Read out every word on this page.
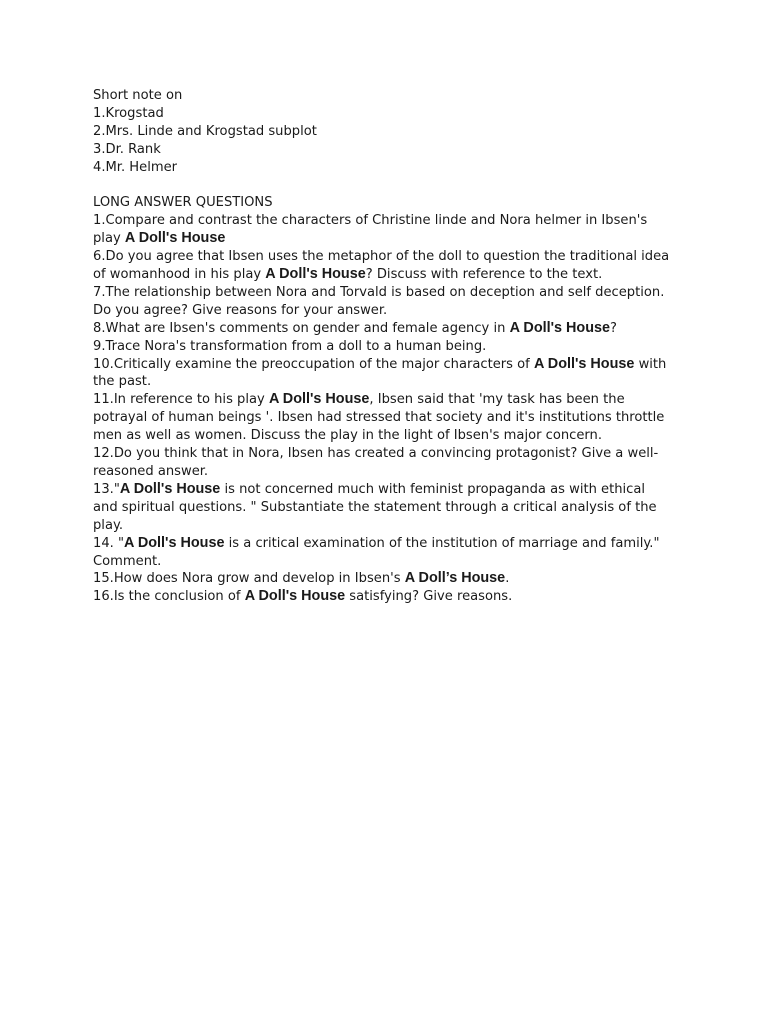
Short note on
1.Krogstad
2.Mrs. Linde and Krogstad subplot
3.Dr. Rank
4.Mr. Helmer
LONG ANSWER QUESTIONS
1.Compare and contrast the characters of Christine linde and Nora helmer in Ibsen's play A Doll's House
6.Do you agree that Ibsen uses the metaphor of the doll to question the traditional idea of womanhood in his play A Doll's House? Discuss with reference to the text.
7.The relationship between Nora and Torvald is based on deception and self deception. Do you agree? Give reasons for your answer.
8.What are Ibsen's comments on gender and female agency in A Doll's House?
9.Trace Nora's transformation from a doll to a human being.
10.Critically examine the preoccupation of the major characters of A Doll's House with the past.
11.In reference to his play A Doll's House, Ibsen said that 'my task has been the potrayal of human beings '. Ibsen had stressed that society and it's institutions throttle men as well as women. Discuss the play in the light of Ibsen's major concern.
12.Do you think that in Nora, Ibsen has created a convincing protagonist? Give a well-reasoned answer.
13."A Doll's House is not concerned much with feminist propaganda as with ethical and spiritual questions. " Substantiate the statement through a critical analysis of the play.
14. "A Doll's House is a critical examination of the institution of marriage and family." Comment.
15.How does Nora grow and develop in Ibsen's A Doll’s House.
16.Is the conclusion of A Doll's House satisfying? Give reasons.
